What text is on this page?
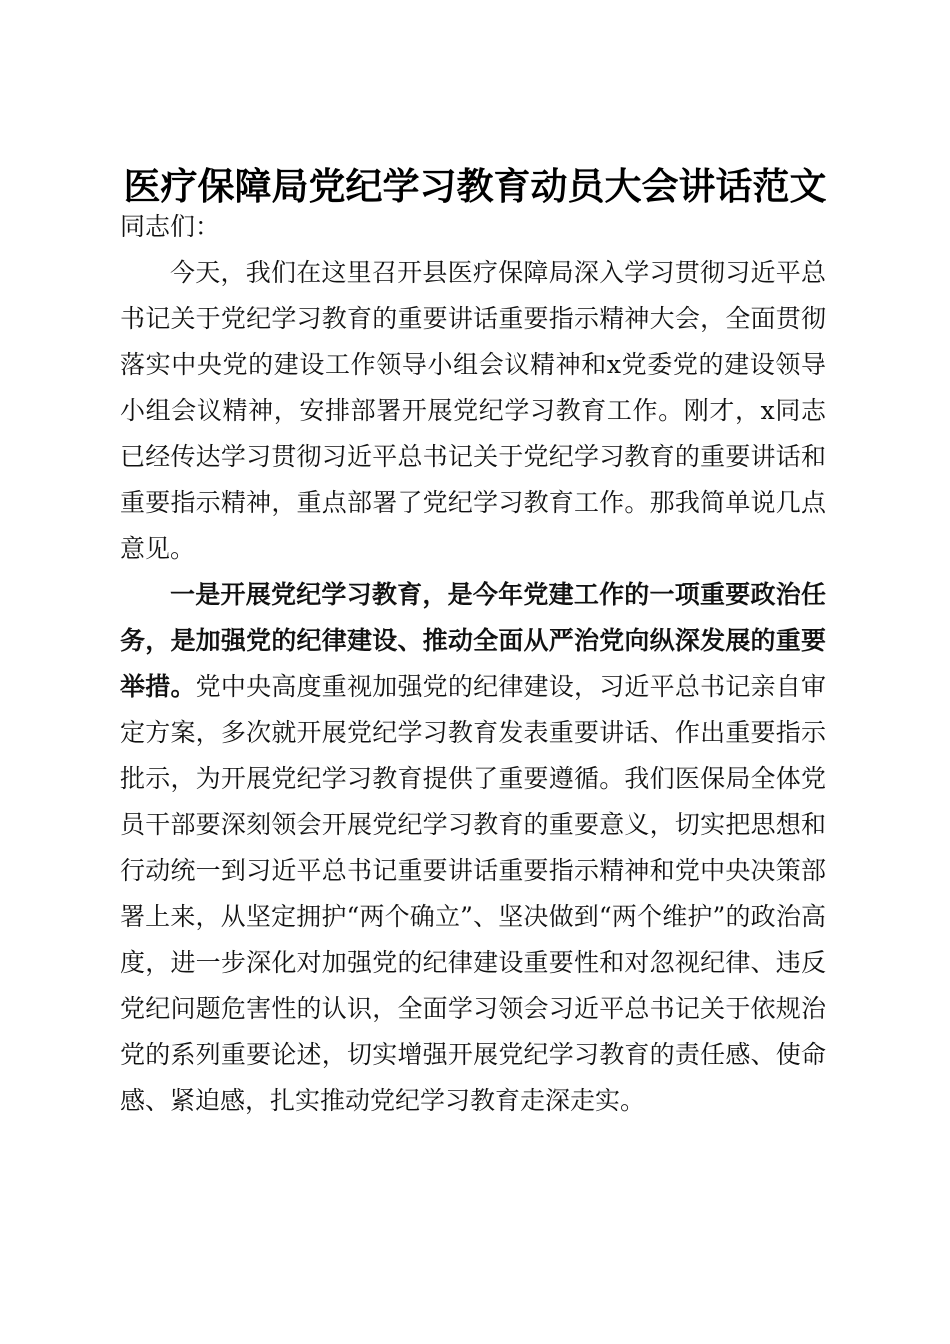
医疗保障局党纪学习教育动员大会讲话范文

同志们：

今天，我们在这里召开县医疗保障局深入学习贯彻习近平总书记关于党纪学习教育的重要讲话重要指示精神大会，全面贯彻落实中央党的建设工作领导小组会议精神和x党委党的建设领导小组会议精神，安排部署开展党纪学习教育工作。刚才，x同志已经传达学习贯彻习近平总书记关于党纪学习教育的重要讲话和重要指示精神，重点部署了党纪学习教育工作。那我简单说几点意见。

一是开展党纪学习教育，是今年党建工作的一项重要政治任务，是加强党的纪律建设、推动全面从严治党向纵深发展的重要举措。党中央高度重视加强党的纪律建设，习近平总书记亲自审定方案，多次就开展党纪学习教育发表重要讲话、作出重要指示批示，为开展党纪学习教育提供了重要遵循。我们医保局全体党员干部要深刻领会开展党纪学习教育的重要意义，切实把思想和行动统一到习近平总书记重要讲话重要指示精神和党中央决策部署上来，从坚定拥护“两个确立”、坚决做到“两个维护”的政治高度，进一步深化对加强党的纪律建设重要性和对忽视纪律、违反党纪问题危害性的认识，全面学习领会习近平总书记关于依规治党的系列重要论述，切实增强开展党纪学习教育的责任感、使命感、紧迫感，扎实推动党纪学习教育走深走实。
